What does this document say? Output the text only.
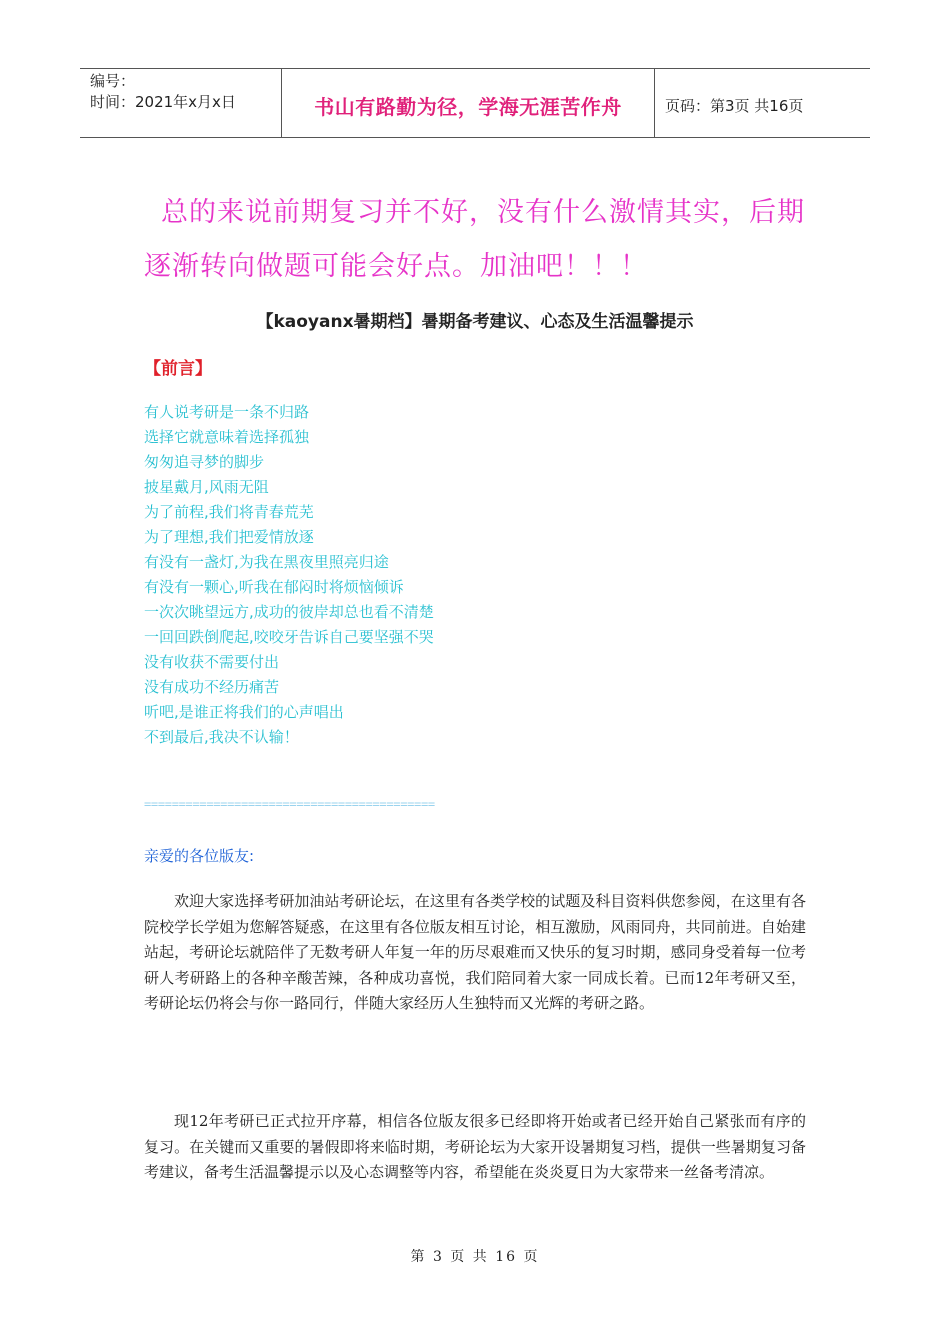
编号：
时间：2021年x月x日	书山有路勤为径，学海无涯苦作舟	页码：第3页 共16页
总的来说前期复习并不好，没有什么激情其实，后期逐渐转向做题可能会好点。加油吧！！！
【kaoyanx暑期档】暑期备考建议、心态及生活温馨提示
【前言】
有人说考研是一条不归路
选择它就意味着选择孤独
匆匆追寻梦的脚步
披星戴月,风雨无阻
为了前程,我们将青春荒芜
为了理想,我们把爱情放逐
有没有一盏灯,为我在黑夜里照亮归途
有没有一颗心,听我在郁闷时将烦恼倾诉
一次次眺望远方,成功的彼岸却总也看不清楚
一回回跌倒爬起,咬咬牙告诉自己要坚强不哭
没有收获不需要付出
没有成功不经历痛苦
听吧,是谁正将我们的心声唱出
不到最后,我决不认输！
==========================================
亲爱的各位版友:

欢迎大家选择考研加油站考研论坛，在这里有各类学校的试题及科目资料供您参阅，在这里有各院校学长学姐为您解答疑惑，在这里有各位版友相互讨论，相互激励，风雨同舟，共同前进。自始建站起，考研论坛就陪伴了无数考研人年复一年的历尽艰难而又快乐的复习时期，感同身受着每一位考研人考研路上的各种辛酸苦辣，各种成功喜悦，我们陪同着大家一同成长着。已而12年考研又至，考研论坛仍将会与你一路同行，伴随大家经历人生独特而又光辉的考研之路。

现12年考研已正式拉开序幕，相信各位版友很多已经即将开始或者已经开始自己紧张而有序的复习。在关键而又重要的暑假即将来临时期，考研论坛为大家开设暑期复习档，提供一些暑期复习备考建议，备考生活温馨提示以及心态调整等内容，希望能在炎炎夏日为大家带来一丝备考清凉。

第 3 页 共 16 页
